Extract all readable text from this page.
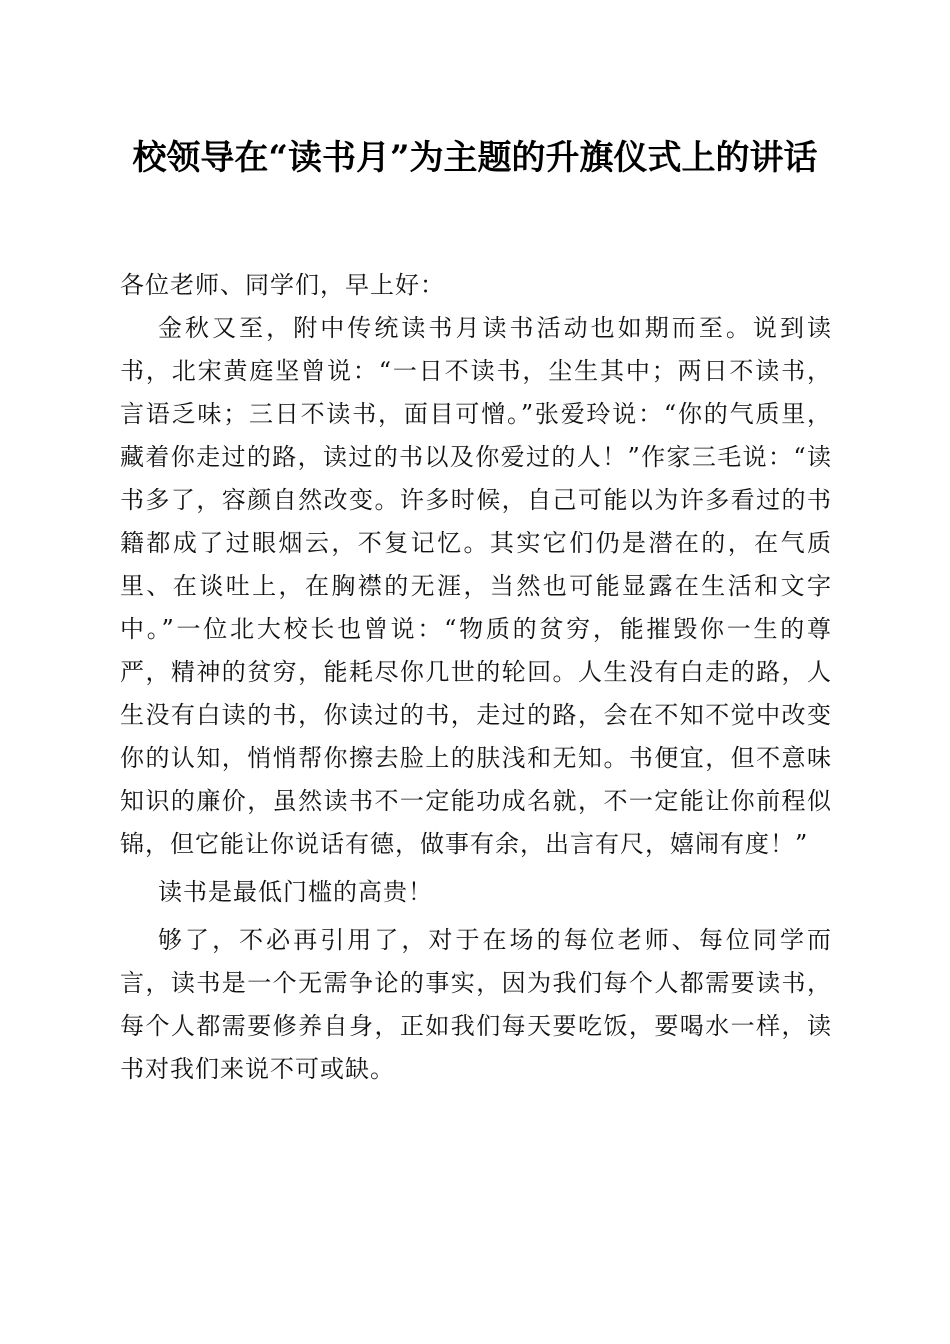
校领导在“读书月”为主题的升旗仪式上的讲话

各位老师、同学们，早上好：

金秋又至，附中传统读书月读书活动也如期而至。说到读书，北宋黄庭坚曾说：“一日不读书，尘生其中；两日不读书，言语乏味；三日不读书，面目可憎。”张爱玲说：“你的气质里，藏着你走过的路，读过的书以及你爱过的人！”作家三毛说：“读书多了，容颜自然改变。许多时候，自己可能以为许多看过的书籍都成了过眼烟云，不复记忆。其实它们仍是潜在的，在气质里、在谈吐上，在胸襟的无涯，当然也可能显露在生活和文字中。”一位北大校长也曾说：“物质的贫穷，能摧毁你一生的尊严，精神的贫穷，能耗尽你几世的轮回。人生没有白走的路，人生没有白读的书，你读过的书，走过的路，会在不知不觉中改变你的认知，悄悄帮你擦去脸上的肤浅和无知。书便宜，但不意味知识的廉价，虽然读书不一定能功成名就，不一定能让你前程似锦，但它能让你说话有德，做事有余，出言有尺，嬉闹有度！”

读书是最低门槛的高贵！

够了，不必再引用了，对于在场的每位老师、每位同学而言，读书是一个无需争论的事实，因为我们每个人都需要读书，每个人都需要修养自身，正如我们每天要吃饭，要喝水一样，读书对我们来说不可或缺。
